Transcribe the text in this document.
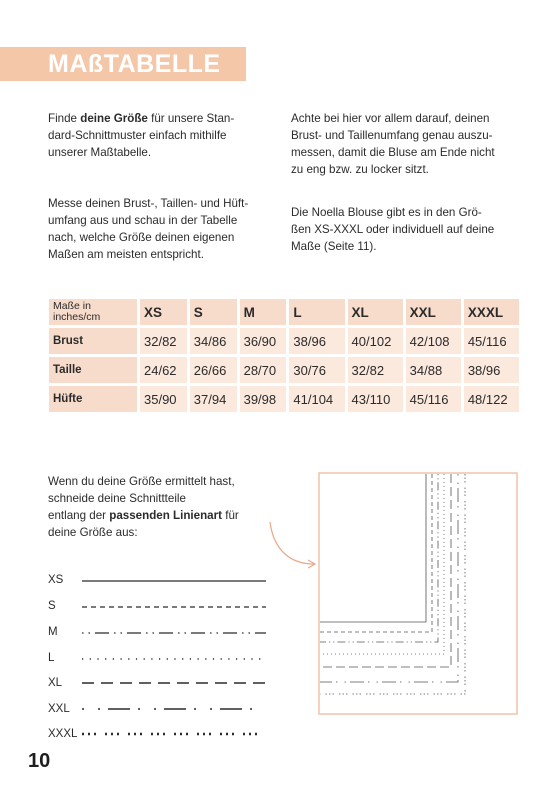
MAßTABELLE
Finde deine Größe für unsere Stan-
dard-Schnittmuster einfach mithilfe
unserer Maßtabelle.
Messe deinen Brust-, Taillen- und Hüft-
umfang aus und schau in der Tabelle
nach, welche Größe deinen eigenen
Maßen am meisten entspricht.
Achte bei hier vor allem darauf, deinen
Brust- und Taillenumfang genau auszu-
messen, damit die Bluse am Ende nicht
zu eng bzw. zu locker sitzt.
Die Noella Blouse gibt es in den Grö-
ßen XS-XXXL oder individuell auf deine
Maße (Seite 11).
Maße in
inches/cm	XS	S	M	L	XL	XXL	XXXL
Brust	32/82	34/86	36/90	38/96	40/102	42/108	45/116
Taille	24/62	26/66	28/70	30/76	32/82	34/88	38/96
Hüfte	35/90	37/94	39/98	41/104	43/110	45/116	48/122
Wenn du deine Größe ermittelt hast,
schneide deine Schnittteile
entlang der passenden Linienart für
deine Größe aus:
XS
S
M
L
XL
XXL
XXXL
10
